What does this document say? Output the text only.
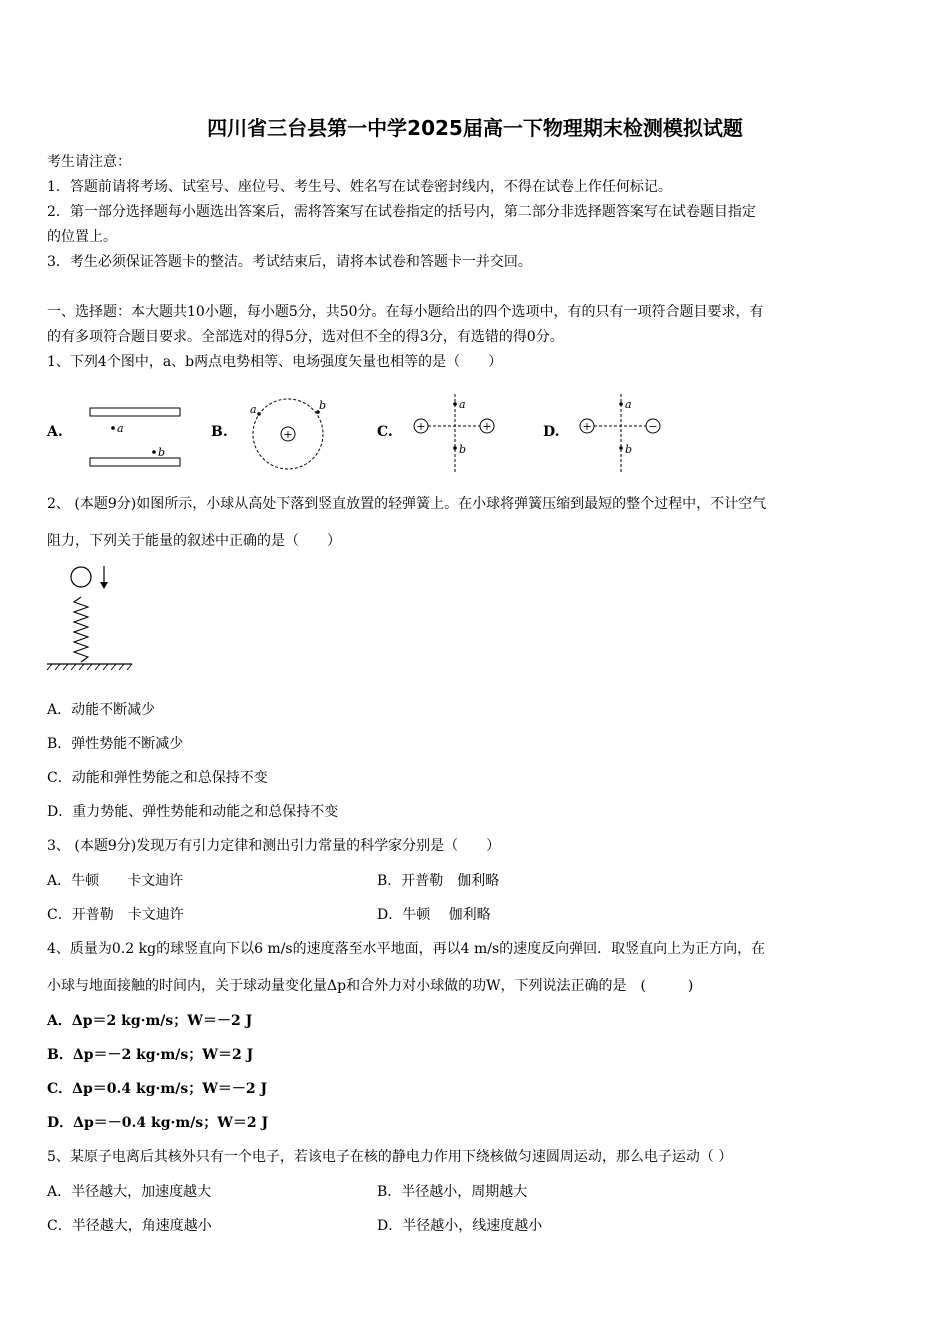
四川省三台县第一中学2025届高一下物理期末检测模拟试题
考生请注意：
1．答题前请将考场、试室号、座位号、考生号、姓名写在试卷密封线内，不得在试卷上作任何标记。
2．第一部分选择题每小题选出答案后，需将答案写在试卷指定的括号内，第二部分非选择题答案写在试卷题目指定
的位置上。
3．考生必须保证答题卡的整洁。考试结束后，请将本试卷和答题卡一并交回。
一、选择题：本大题共10小题，每小题5分，共50分。在每小题给出的四个选项中，有的只有一项符合题目要求，有
的有多项符合题目要求。全部选对的得5分，选对但不全的得3分，有选错的得0分。
1、下列4个图中，a、b两点电势相等、电场强度矢量也相等的是（　　）
A.	a
b
B.	+
a	b
C. +	+
a
b
D. +	−
a
b
2、 (本题9分)如图所示，小球从高处下落到竖直放置的轻弹簧上。在小球将弹簧压缩到最短的整个过程中，不计空气
阻力，下列关于能量的叙述中正确的是（　　）
A．动能不断减少
B．弹性势能不断减少
C．动能和弹性势能之和总保持不变
D．重力势能、弹性势能和动能之和总保持不变
3、 (本题9分)发现万有引力定律和测出引力常量的科学家分别是（　　）
A．牛顿　　卡文迪许	B．开普勒　伽利略
C．开普勒　卡文迪许	D．牛顿　 伽利略
4、质量为0.2 kg的球竖直向下以6 m/s的速度落至水平地面，再以4 m/s的速度反向弹回．取竖直向上为正方向，在
小球与地面接触的时间内，关于球动量变化量Δp和合外力对小球做的功W，下列说法正确的是　(　　　)
A．Δp＝2 kg·m/s；W＝－2 J
B．Δp＝－2 kg·m/s；W＝2 J
C．Δp＝0.4 kg·m/s；W＝－2 J
D．Δp＝－0.4 kg·m/s；W＝2 J
5、某原子电离后其核外只有一个电子，若该电子在核的静电力作用下绕核做匀速圆周运动，那么电子运动（ ）
A．半径越大，加速度越大	B．半径越小，周期越大
C．半径越大，角速度越小	D．半径越小，线速度越小
